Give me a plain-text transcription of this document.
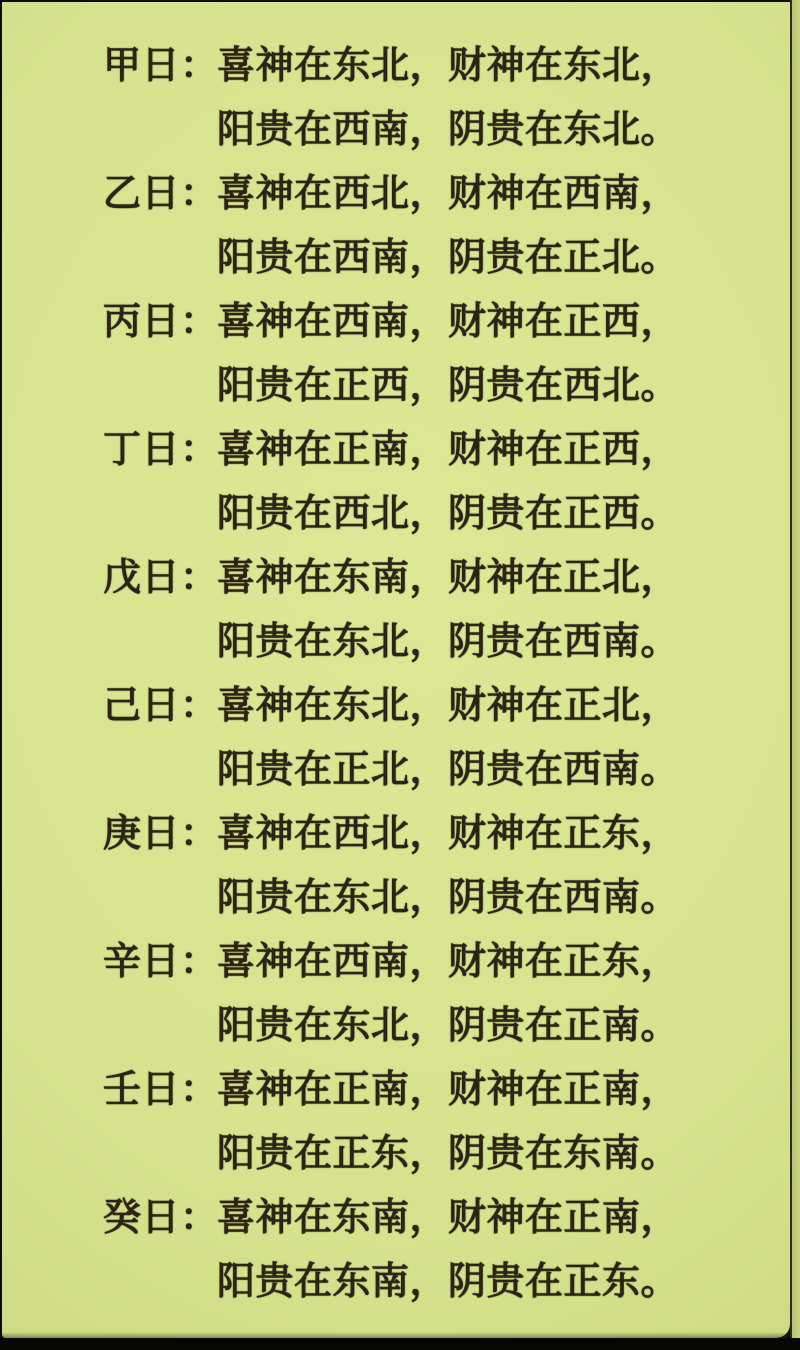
甲日：喜神在东北，财神在东北，
阳贵在西南，阴贵在东北。
乙日：喜神在西北，财神在西南，
阳贵在西南，阴贵在正北。
丙日：喜神在西南，财神在正西，
阳贵在正西，阴贵在西北。
丁日：喜神在正南，财神在正西，
阳贵在西北，阴贵在正西。
戊日：喜神在东南，财神在正北，
阳贵在东北，阴贵在西南。
己日：喜神在东北，财神在正北，
阳贵在正北，阴贵在西南。
庚日：喜神在西北，财神在正东，
阳贵在东北，阴贵在西南。
辛日：喜神在西南，财神在正东，
阳贵在东北，阴贵在正南。
壬日：喜神在正南，财神在正南，
阳贵在正东，阴贵在东南。
癸日：喜神在东南，财神在正南，
阳贵在东南，阴贵在正东。
